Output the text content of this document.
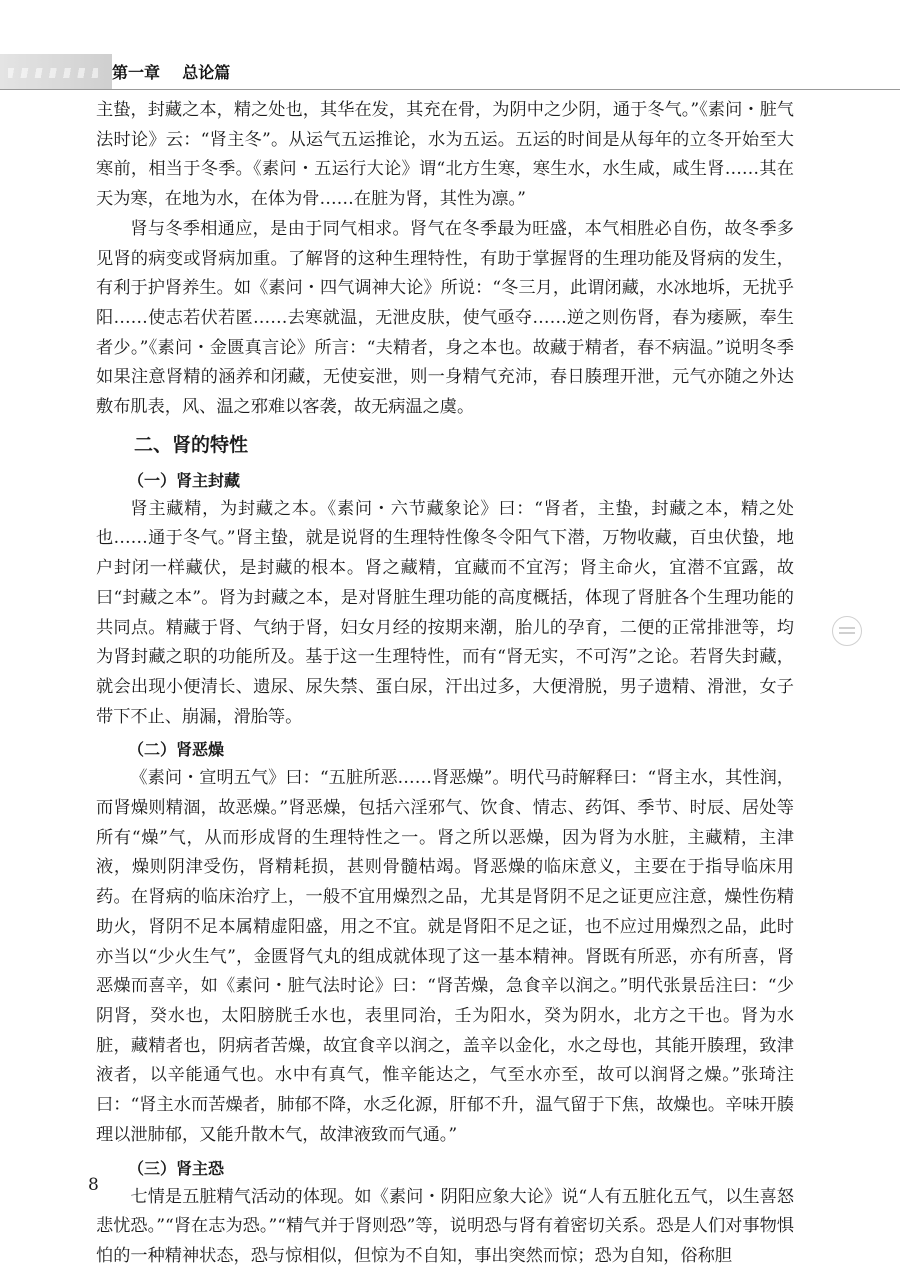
第一章 总论篇

主蛰，封藏之本，精之处也，其华在发，其充在骨，为阴中之少阴，通于冬气。”《素问・脏气法时论》云：“肾主冬”。从运气五运推论，水为五运。五运的时间是从每年的立冬开始至大寒前，相当于冬季。《素问・五运行大论》谓“北方生寒，寒生水，水生咸，咸生肾……其在天为寒，在地为水，在体为骨……在脏为肾，其性为凛。”

肾与冬季相通应，是由于同气相求。肾气在冬季最为旺盛，本气相胜必自伤，故冬季多见肾的病变或肾病加重。了解肾的这种生理特性，有助于掌握肾的生理功能及肾病的发生，有利于护肾养生。如《素问・四气调神大论》所说：“冬三月，此谓闭藏，水冰地坼，无扰乎阳……使志若伏若匿……去寒就温，无泄皮肤，使气亟夺……逆之则伤肾，春为痿厥，奉生者少。”《素问・金匮真言论》所言：“夫精者，身之本也。故藏于精者，春不病温。”说明冬季如果注意肾精的涵养和闭藏，无使妄泄，则一身精气充沛，春日腠理开泄，元气亦随之外达敷布肌表，风、温之邪难以客袭，故无病温之虞。

二、肾的特性
（一）肾主封藏

肾主藏精，为封藏之本。《素问・六节藏象论》曰：“肾者，主蛰，封藏之本，精之处也……通于冬气。”肾主蛰，就是说肾的生理特性像冬令阳气下潜，万物收藏，百虫伏蛰，地户封闭一样藏伏，是封藏的根本。肾之藏精，宜藏而不宜泻；肾主命火，宜潜不宜露，故曰“封藏之本”。肾为封藏之本，是对肾脏生理功能的高度概括，体现了肾脏各个生理功能的共同点。精藏于肾、气纳于肾，妇女月经的按期来潮，胎儿的孕育，二便的正常排泄等，均为肾封藏之职的功能所及。基于这一生理特性，而有“肾无实，不可泻”之论。若肾失封藏，就会出现小便清长、遗尿、尿失禁、蛋白尿，汗出过多，大便滑脱，男子遗精、滑泄，女子带下不止、崩漏，滑胎等。

（二）肾恶燥

《素问・宣明五气》曰：“五脏所恶……肾恶燥”。明代马莳解释曰：“肾主水，其性润，而肾燥则精涸，故恶燥。”肾恶燥，包括六淫邪气、饮食、情志、药饵、季节、时辰、居处等所有“燥”气，从而形成肾的生理特性之一。肾之所以恶燥，因为肾为水脏，主藏精，主津液，燥则阴津受伤，肾精耗损，甚则骨髓枯竭。肾恶燥的临床意义，主要在于指导临床用药。在肾病的临床治疗上，一般不宜用燥烈之品，尤其是肾阴不足之证更应注意，燥性伤精助火，肾阴不足本属精虚阳盛，用之不宜。就是肾阳不足之证，也不应过用燥烈之品，此时亦当以“少火生气”，金匮肾气丸的组成就体现了这一基本精神。肾既有所恶，亦有所喜，肾恶燥而喜辛，如《素问・脏气法时论》曰：“肾苦燥，急食辛以润之。”明代张景岳注曰：“少阴肾，癸水也，太阳膀胱壬水也，表里同治，壬为阳水，癸为阴水，北方之干也。肾为水脏，藏精者也，阴病者苦燥，故宜食辛以润之，盖辛以金化，水之母也，其能开腠理，致津液者，以辛能通气也。水中有真气，惟辛能达之，气至水亦至，故可以润肾之燥。”张琦注曰：“肾主水而苦燥者，肺郁不降，水乏化源，肝郁不升，温气留于下焦，故燥也。辛味开腠理以泄肺郁，又能升散木气，故津液致而气通。”

（三）肾主恐

七情是五脏精气活动的体现。如《素问・阴阳应象大论》说“人有五脏化五气，以生喜怒悲忧恐。”“肾在志为恐。”“精气并于肾则恐”等，说明恐与肾有着密切关系。恐是人们对事物惧怕的一种精神状态，恐与惊相似，但惊为不自知，事出突然而惊；恐为自知，俗称胆

8
